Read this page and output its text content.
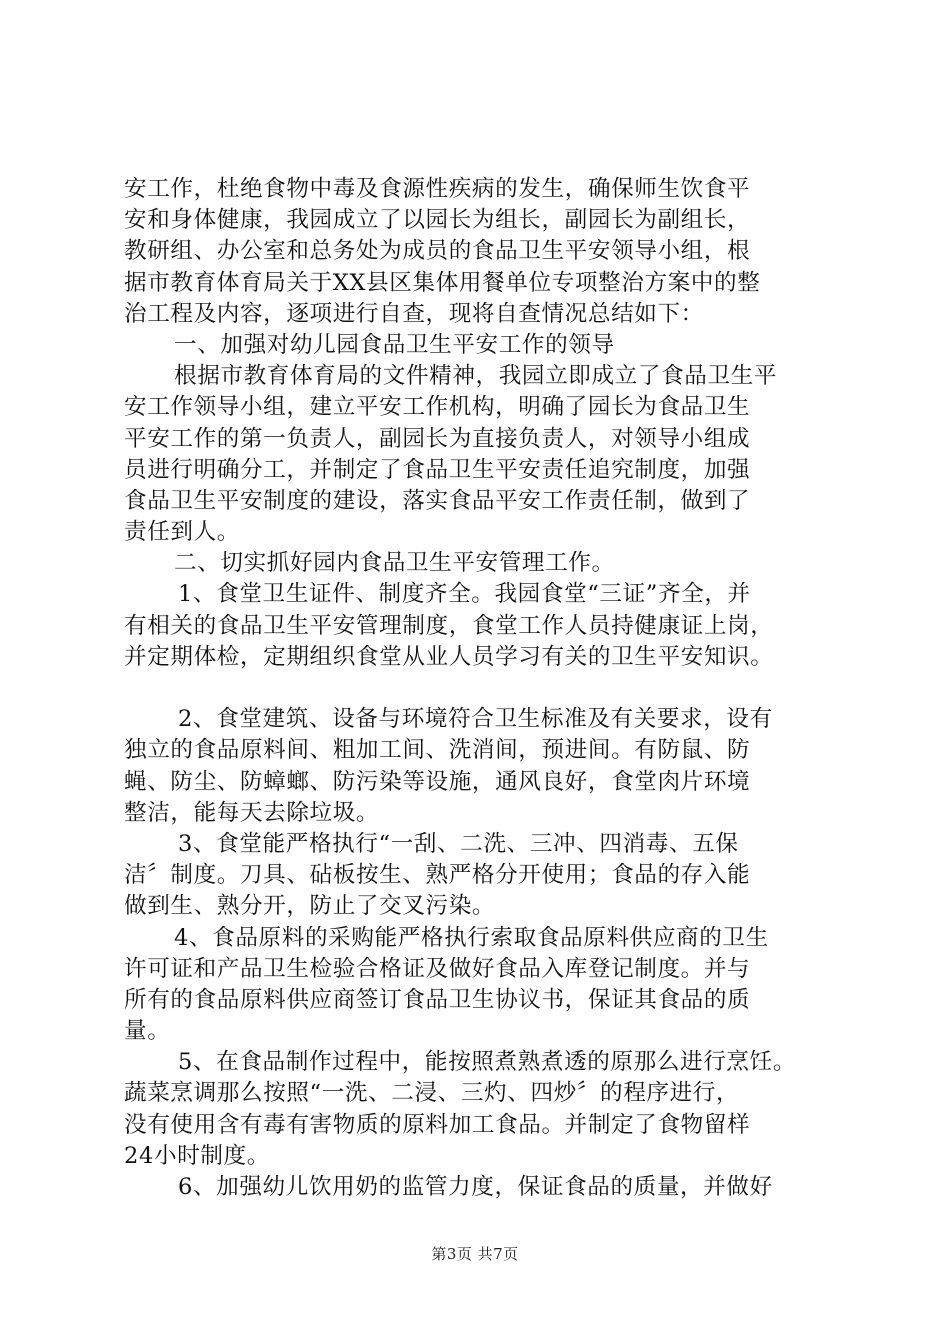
安工作，杜绝食物中毒及食源性疾病的发生，确保师生饮食平
安和身体健康，我园成立了以园长为组长，副园长为副组长，
教研组、办公室和总务处为成员的食品卫生平安领导小组，根
据市教育体育局关于XX县区集体用餐单位专项整治方案中的整
治工程及内容，逐项进行自查，现将自查情况总结如下：
一、加强对幼儿园食品卫生平安工作的领导
根据市教育体育局的文件精神，我园立即成立了食品卫生平
安工作领导小组，建立平安工作机构，明确了园长为食品卫生
平安工作的第一负责人，副园长为直接负责人，对领导小组成
员进行明确分工，并制定了食品卫生平安责任追究制度，加强
食品卫生平安制度的建设，落实食品平安工作责任制，做到了
责任到人。
二、切实抓好园内食品卫生平安管理工作。
1、食堂卫生证件、制度齐全。我园食堂“三证”齐全，并
有相关的食品卫生平安管理制度，食堂工作人员持健康证上岗，
并定期体检，定期组织食堂从业人员学习有关的卫生平安知识。
2、食堂建筑、设备与环境符合卫生标准及有关要求，设有
独立的食品原料间、粗加工间、洗消间，预进间。有防鼠、防
蝇、防尘、防蟑螂、防污染等设施，通风良好，食堂肉片环境
整洁，能每天去除垃圾。
3、食堂能严格执行“一刮、二洗、三冲、四消毒、五保
洁〞制度。刀具、砧板按生、熟严格分开使用；食品的存入能
做到生、熟分开，防止了交叉污染。
4、食品原料的采购能严格执行索取食品原料供应商的卫生
许可证和产品卫生检验合格证及做好食品入库登记制度。并与
所有的食品原料供应商签订食品卫生协议书，保证其食品的质
量。
5、在食品制作过程中，能按照煮熟煮透的原那么进行烹饪。
蔬菜烹调那么按照“一洗、二浸、三灼、四炒〞的程序进行，
没有使用含有毒有害物质的原料加工食品。并制定了食物留样
24小时制度。
6、加强幼儿饮用奶的监管力度，保证食品的质量，并做好
第3页 共7页
